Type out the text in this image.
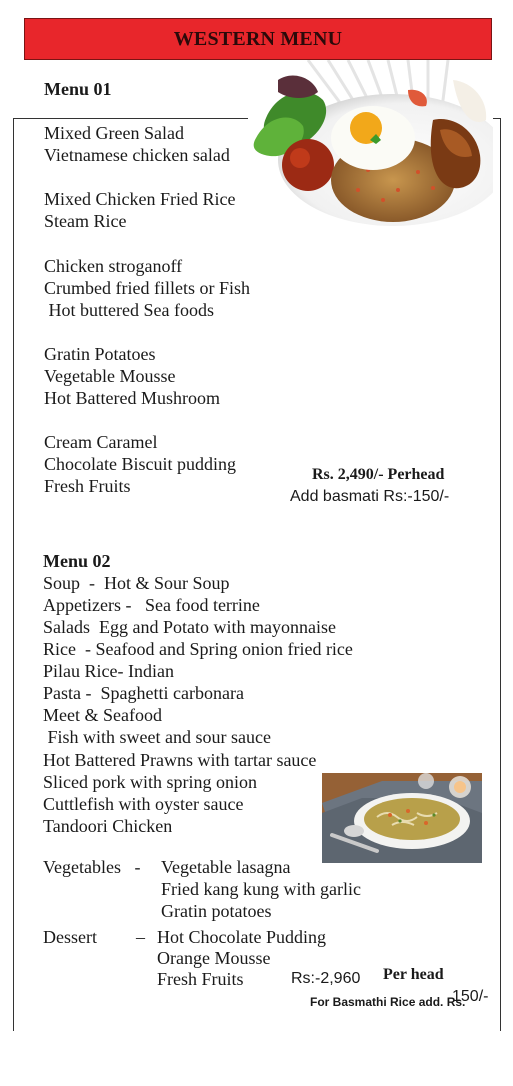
WESTERN MENU
Menu 01
Mixed Green Salad
Vietnamese chicken salad
Mixed Chicken Fried Rice
Steam Rice
Chicken stroganoff
Crumbed fried fillets or Fish
Hot buttered Sea foods
Gratin Potatoes
Vegetable Mousse
Hot Battered Mushroom
Cream Caramel
Chocolate Biscuit pudding
Fresh Fruits
Rs. 2,490/- Perhead
Add basmati Rs:-150/-
Menu 02
Soup  -  Hot & Sour Soup
Appetizers -   Sea food terrine
Salads  Egg and Potato with mayonnaise
Rice  - Seafood and Spring onion fried rice
Pilau Rice- Indian
Pasta -  Spaghetti carbonara
Meet & Seafood
Fish with sweet and sour sauce
Hot Battered Prawns with tartar sauce
Sliced pork with spring onion
Cuttlefish with oyster sauce
Tandoori Chicken
Vegetables   - Vegetable lasagna
Fried kang kung with garlic
Gratin potatoes
Dessert – Hot Chocolate Pudding
Orange Mousse
Fresh Fruits	Rs:-2,960 Per head
For Basmathi Rice add. Rs.
150/-
